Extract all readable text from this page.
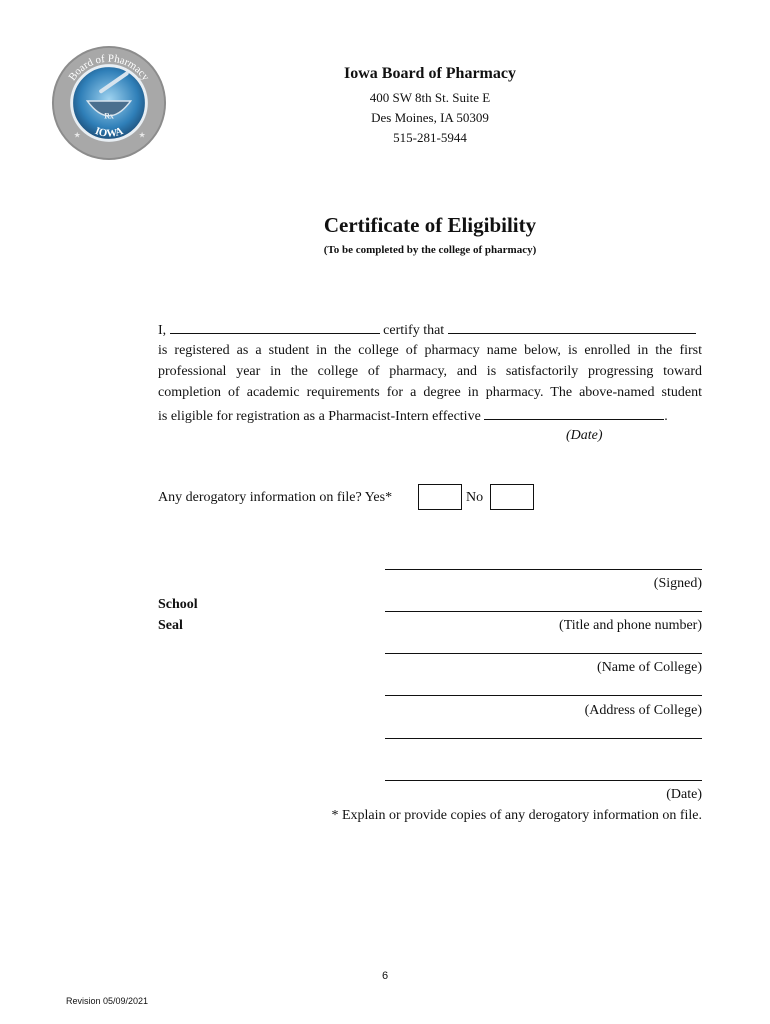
Rx
Board of Pharmacy
IOWA
★	★
Iowa Board of Pharmacy
400 SW 8th St. Suite E
Des Moines, IA 50309
515-281-5944
Certificate of Eligibility
(To be completed by the college of pharmacy)
I,	certify that
is registered as a student in the college of pharmacy name below, is enrolled in the first
professional year in the college of pharmacy, and is satisfactorily progressing toward
completion of academic requirements for a degree in pharmacy. The above-named student
is eligible for registration as a Pharmacist-Intern effective	.
(Date)
Any derogatory information on file? Yes*	No
(Signed)
School
Seal	(Title and phone number)
(Name of College)
(Address of College)
(Date)
* Explain or provide copies of any derogatory information on file.
6
Revision 05/09/2021
